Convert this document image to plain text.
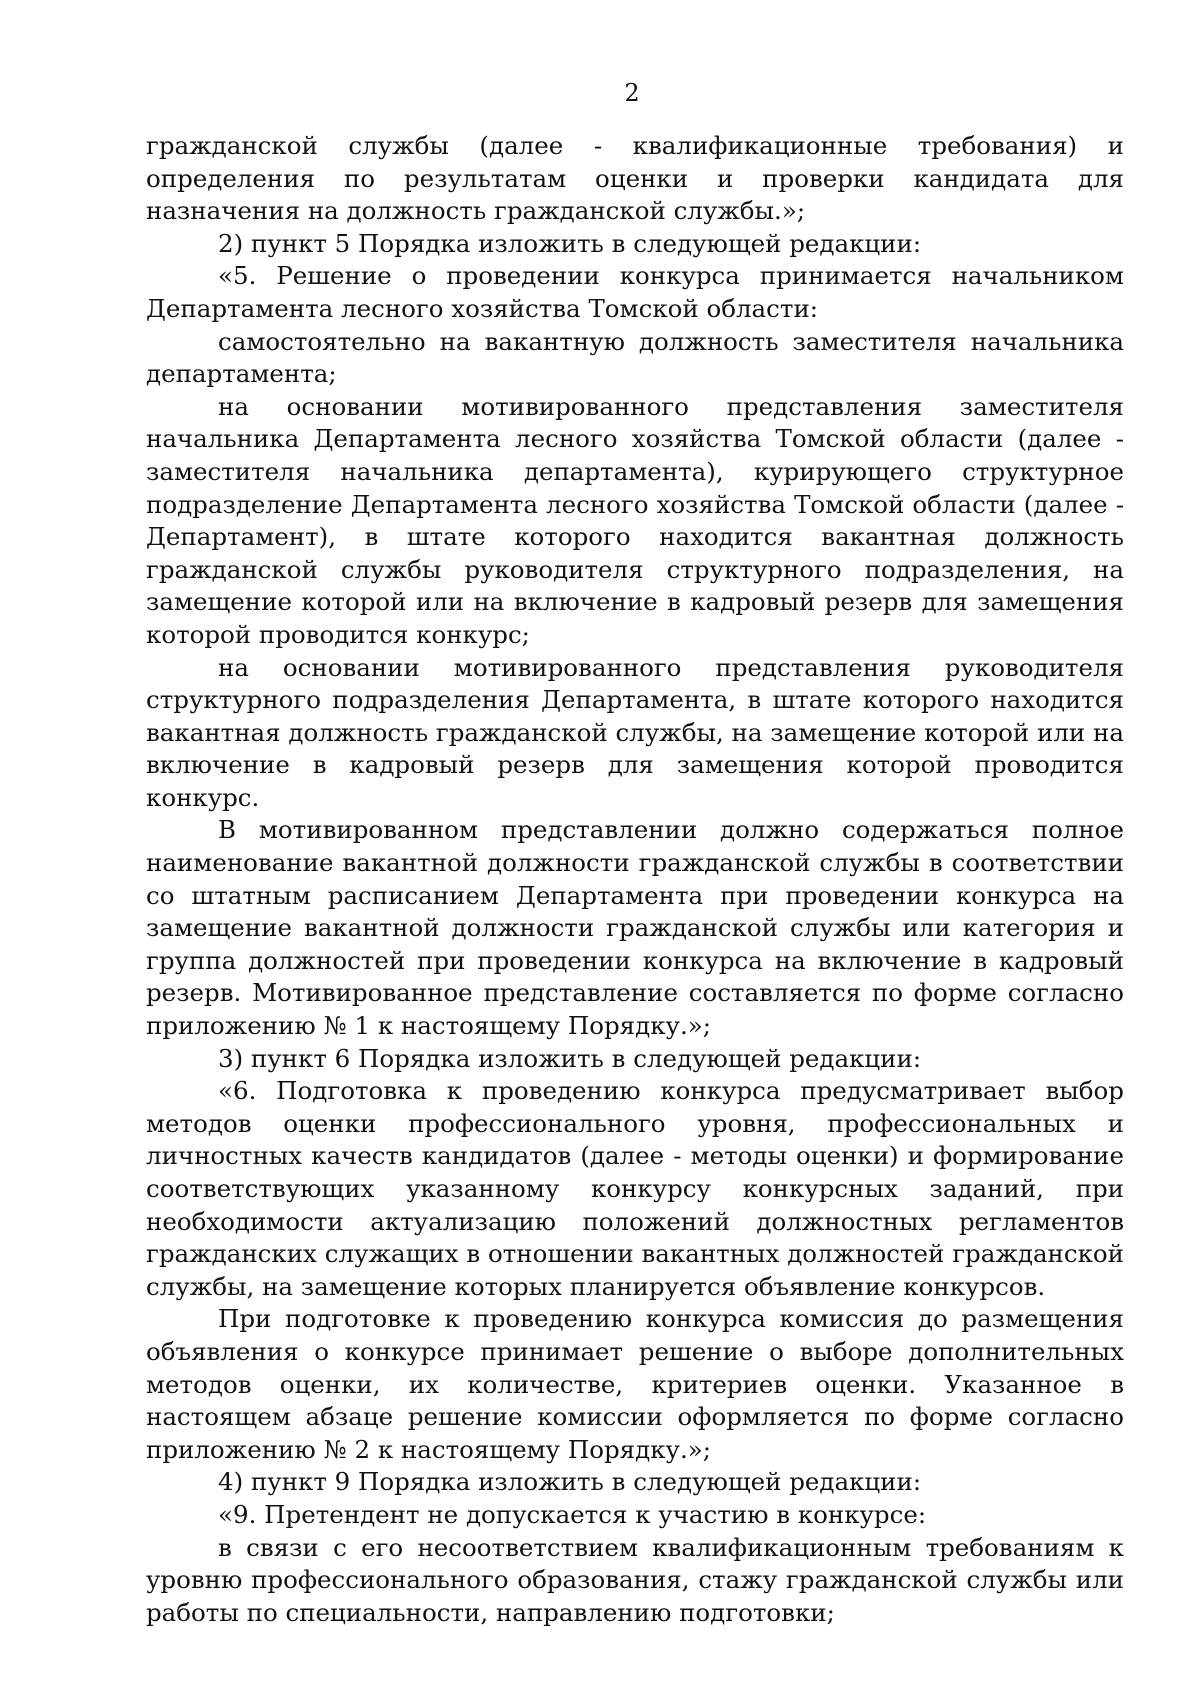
2

гражданской службы (далее - квалификационные требования) и определения по результатам оценки и проверки кандидата для назначения на должность гражданской службы.»;

2) пункт 5 Порядка изложить в следующей редакции:

«5. Решение о проведении конкурса принимается начальником Департамента лесного хозяйства Томской области:

самостоятельно на вакантную должность заместителя начальника департамента;

на основании мотивированного представления заместителя начальника Департамента лесного хозяйства Томской области (далее - заместителя начальника департамента), курирующего структурное подразделение Департамента лесного хозяйства Томской области (далее - Департамент), в штате которого находится вакантная должность гражданской службы руководителя структурного подразделения, на замещение которой или на включение в кадровый резерв для замещения которой проводится конкурс;

на основании мотивированного представления руководителя структурного подразделения Департамента, в штате которого находится вакантная должность гражданской службы, на замещение которой или на включение в кадровый резерв для замещения которой проводится конкурс.

В мотивированном представлении должно содержаться полное наименование вакантной должности гражданской службы в соответствии со штатным расписанием Департамента при проведении конкурса на замещение вакантной должности гражданской службы или категория и группа должностей при проведении конкурса на включение в кадровый резерв. Мотивированное представление составляется по форме согласно приложению № 1 к настоящему Порядку.»;

3) пункт 6 Порядка изложить в следующей редакции:

«6. Подготовка к проведению конкурса предусматривает выбор методов оценки профессионального уровня, профессиональных и личностных качеств кандидатов (далее - методы оценки) и формирование соответствующих указанному конкурсу конкурсных заданий, при необходимости актуализацию положений должностных регламентов гражданских служащих в отношении вакантных должностей гражданской службы, на замещение которых планируется объявление конкурсов.

При подготовке к проведению конкурса комиссия до размещения объявления о конкурсе принимает решение о выборе дополнительных методов оценки, их количестве, критериев оценки. Указанное в настоящем абзаце решение комиссии оформляется по форме согласно приложению № 2 к настоящему Порядку.»;

4) пункт 9 Порядка изложить в следующей редакции:

«9. Претендент не допускается к участию в конкурсе:

в связи с его несоответствием квалификационным требованиям к уровню профессионального образования, стажу гражданской службы или работы по специальности, направлению подготовки;
